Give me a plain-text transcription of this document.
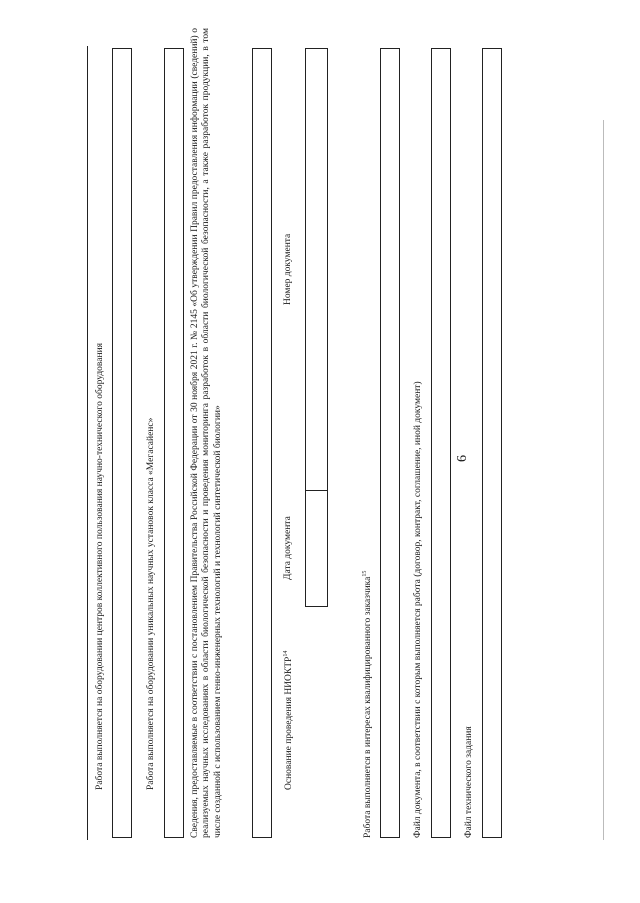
6
Работа выполняется на оборудовании центров коллективного пользования научно-технического оборудования	Работа выполняется на оборудовании уникальных научных установок класса «Мегасайенс»	Сведения, предоставляемые в соответствии с постановлением Правительства Российской Федерации от 30 ноября 2021 г. № 2145 «Об утверждении Правил предоставления информации (сведений) о реализуемых научных исследованиях в области биологической безопасности и проведения мониторинга разработок в области биологической безопасности, а также разработок продукции, в том числе созданной с использованием генно-инженерных технологий и технологий синтетической биологии»	Основание проведения НИОКТР$^{14}$
Дата документа
Номер документа
Работа выполняется в интересах квалифицированного заказчика$^{15}$	Файл документа, в соответствии с которым выполняется работа (договор, контракт, соглашение, иной документ)	Файл технического задания
